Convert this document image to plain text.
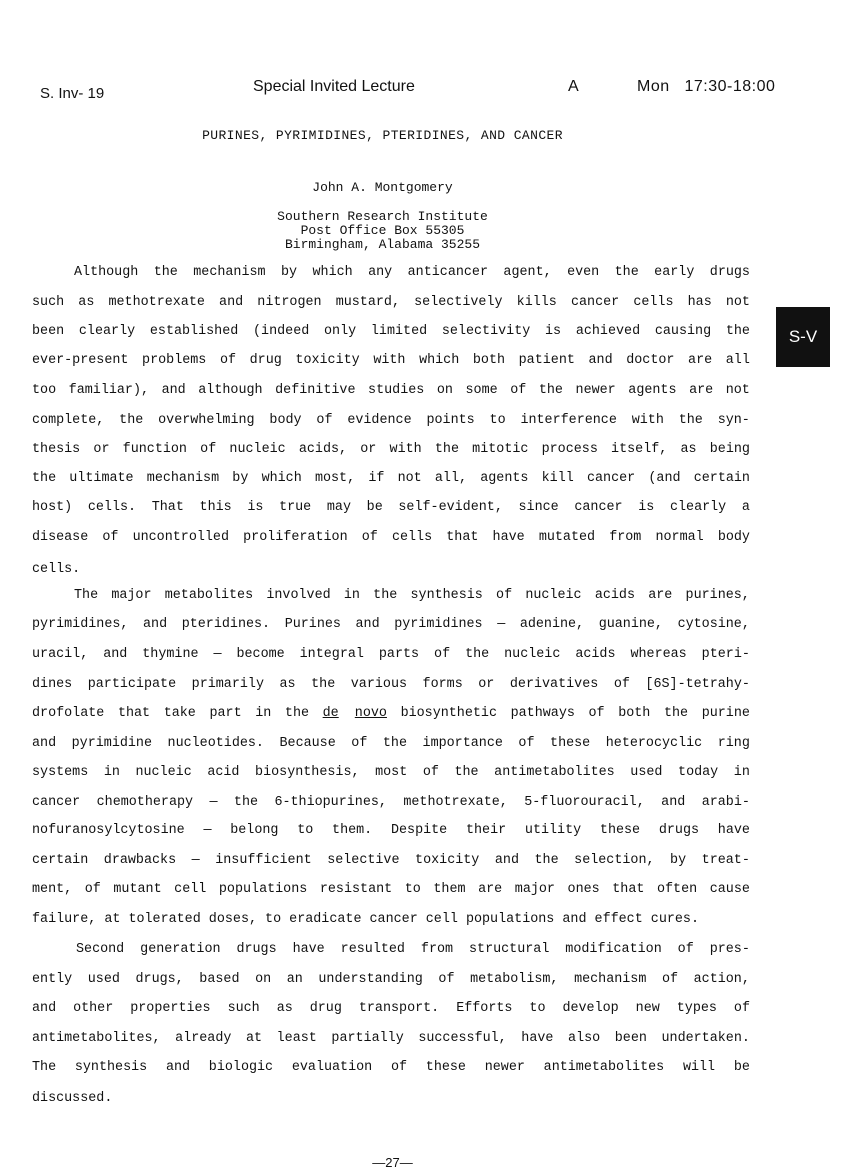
S. Inv- 19	Special Invited Lecture	A	Mon   17:30-18:00
PURINES, PYRIMIDINES, PTERIDINES, AND CANCER
John A. Montgomery
Southern Research Institute
Post Office Box 55305
Birmingham, Alabama 35255
Although the mechanism by which any anticancer agent, even the early drugs
such as methotrexate and nitrogen mustard, selectively kills cancer cells has not
been clearly established (indeed only limited selectivity is achieved causing the
ever-present problems of drug toxicity with which both patient and doctor are all
too familiar), and although definitive studies on some of the newer agents are not
complete, the overwhelming body of evidence points to interference with the syn-
thesis or function of nucleic acids, or with the mitotic process itself, as being
the ultimate mechanism by which most, if not all, agents kill cancer (and certain
host) cells. That this is true may be self-evident, since cancer is clearly a
disease of uncontrolled proliferation of cells that have mutated from normal body
cells.
The major metabolites involved in the synthesis of nucleic acids are purines,
pyrimidines, and pteridines. Purines and pyrimidines — adenine, guanine, cytosine,
uracil, and thymine — become integral parts of the nucleic acids whereas pteri-
dines participate primarily as the various forms or derivatives of [6S]-tetrahy-
drofolate that take part in the de novo biosynthetic pathways of both the purine
and pyrimidine nucleotides. Because of the importance of these heterocyclic ring
systems in nucleic acid biosynthesis, most of the antimetabolites used today in
cancer chemotherapy — the 6-thiopurines, methotrexate, 5-fluorouracil, and arabi-
nofuranosylcytosine — belong to them. Despite their utility these drugs have
certain drawbacks — insufficient selective toxicity and the selection, by treat-
ment, of mutant cell populations resistant to them are major ones that often cause
failure, at tolerated doses, to eradicate cancer cell populations and effect cures.
Second generation drugs have resulted from structural modification of pres-
ently used drugs, based on an understanding of metabolism, mechanism of action,
and other properties such as drug transport. Efforts to develop new types of
antimetabolites, already at least partially successful, have also been undertaken.
The synthesis and biologic evaluation of these newer antimetabolites will be
discussed.
S-V
—27—
